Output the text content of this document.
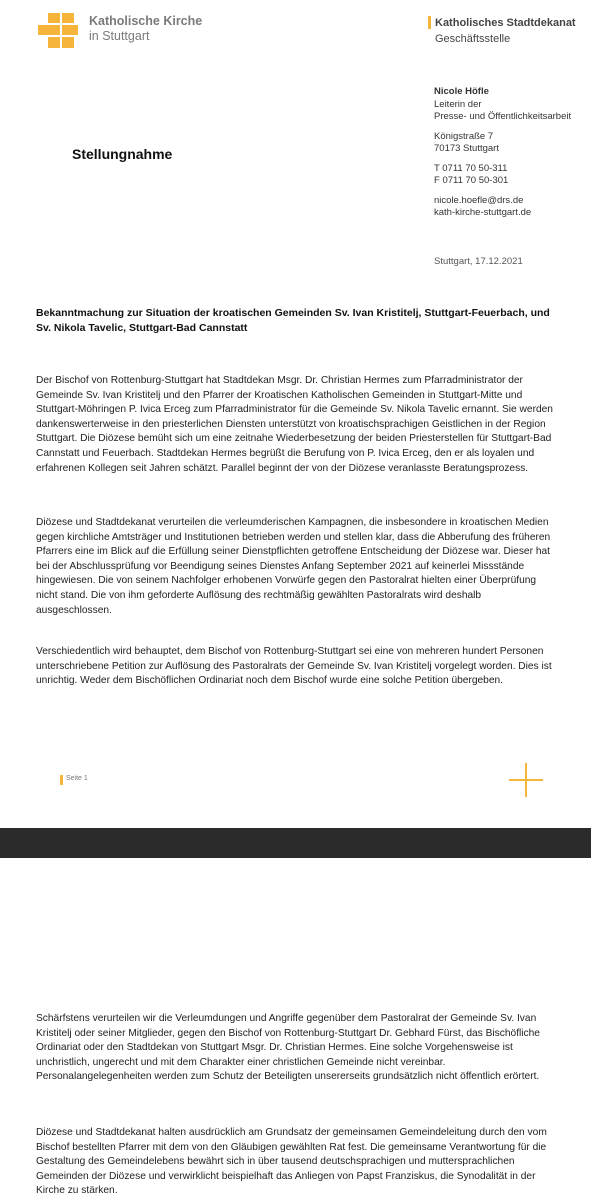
Katholische Kirche
in Stuttgart
Katholisches Stadtdekanat
Geschäftsstelle
Nicole Höfle
Leiterin der
Presse- und Öffentlichkeitsarbeit
Königstraße 7
70173 Stuttgart
T 0711 70 50-311
F 0711 70 50-301
nicole.hoefle@drs.de
kath-kirche-stuttgart.de
Stellungnahme
Stuttgart, 17.12.2021
Bekanntmachung zur Situation der kroatischen Gemeinden Sv. Ivan Kristitelj, Stuttgart-Feuerbach, und Sv. Nikola Tavelic, Stuttgart-Bad Cannstatt
Der Bischof von Rottenburg-Stuttgart hat Stadtdekan Msgr. Dr. Christian Hermes zum Pfarradministrator der Gemeinde Sv. Ivan Kristitelj und den Pfarrer der Kroatischen Katholischen Gemeinden in Stuttgart-Mitte und Stuttgart-Möhringen P. Ivica Erceg zum Pfarradministrator für die Gemeinde Sv. Nikola Tavelic ernannt. Sie werden dankenswerterweise in den priesterlichen Diensten unterstützt von kroatischsprachigen Geistlichen in der Region Stuttgart. Die Diözese bemüht sich um eine zeitnahe Wiederbesetzung der beiden Priesterstellen für Stuttgart-Bad Cannstatt und Feuerbach. Stadtdekan Hermes begrüßt die Berufung von P. Ivica Erceg, den er als loyalen und erfahrenen Kollegen seit Jahren schätzt. Parallel beginnt der von der Diözese veranlasste Beratungsprozess.
Diözese und Stadtdekanat verurteilen die verleumderischen Kampagnen, die insbesondere in kroatischen Medien gegen kirchliche Amtsträger und Institutionen betrieben werden und stellen klar, dass die Abberufung des früheren Pfarrers eine im Blick auf die Erfüllung seiner Dienstpflichten getroffene Entscheidung der Diözese war. Dieser hat bei der Abschlussprüfung vor Beendigung seines Dienstes Anfang September 2021 auf keinerlei Missstände hingewiesen. Die von seinem Nachfolger erhobenen Vorwürfe gegen den Pastoralrat hielten einer Überprüfung nicht stand. Die von ihm geforderte Auflösung des rechtmäßig gewählten Pastoralrats wird deshalb ausgeschlossen.
Verschiedentlich wird behauptet, dem Bischof von Rottenburg-Stuttgart sei eine von mehreren hundert Personen unterschriebene Petition zur Auflösung des Pastoralrats der Gemeinde Sv. Ivan Kristitelj vorgelegt worden. Dies ist unrichtig. Weder dem Bischöflichen Ordinariat noch dem Bischof wurde eine solche Petition übergeben.
Seite 1
Schärfstens verurteilen wir die Verleumdungen und Angriffe gegenüber dem Pastoralrat der Gemeinde Sv. Ivan Kristitelj oder seiner Mitglieder, gegen den Bischof von Rottenburg-Stuttgart Dr. Gebhard Fürst, das Bischöfliche Ordinariat oder den Stadtdekan von Stuttgart Msgr. Dr. Christian Hermes. Eine solche Vorgehensweise ist unchristlich, ungerecht und mit dem Charakter einer christlichen Gemeinde nicht vereinbar. Personalangelegenheiten werden zum Schutz der Beteiligten unsererseits grundsätzlich nicht öffentlich erörtert.
Diözese und Stadtdekanat halten ausdrücklich am Grundsatz der gemeinsamen Gemeindeleitung durch den vom Bischof bestellten Pfarrer mit dem von den Gläubigen gewählten Rat fest. Die gemeinsame Verantwortung für die Gestaltung des Gemeindelebens bewährt sich in über tausend deutschsprachigen und muttersprachlichen Gemeinden der Diözese und verwirklicht beispielhaft das Anliegen von Papst Franziskus, die Synodalität in der Kirche zu stärken.
